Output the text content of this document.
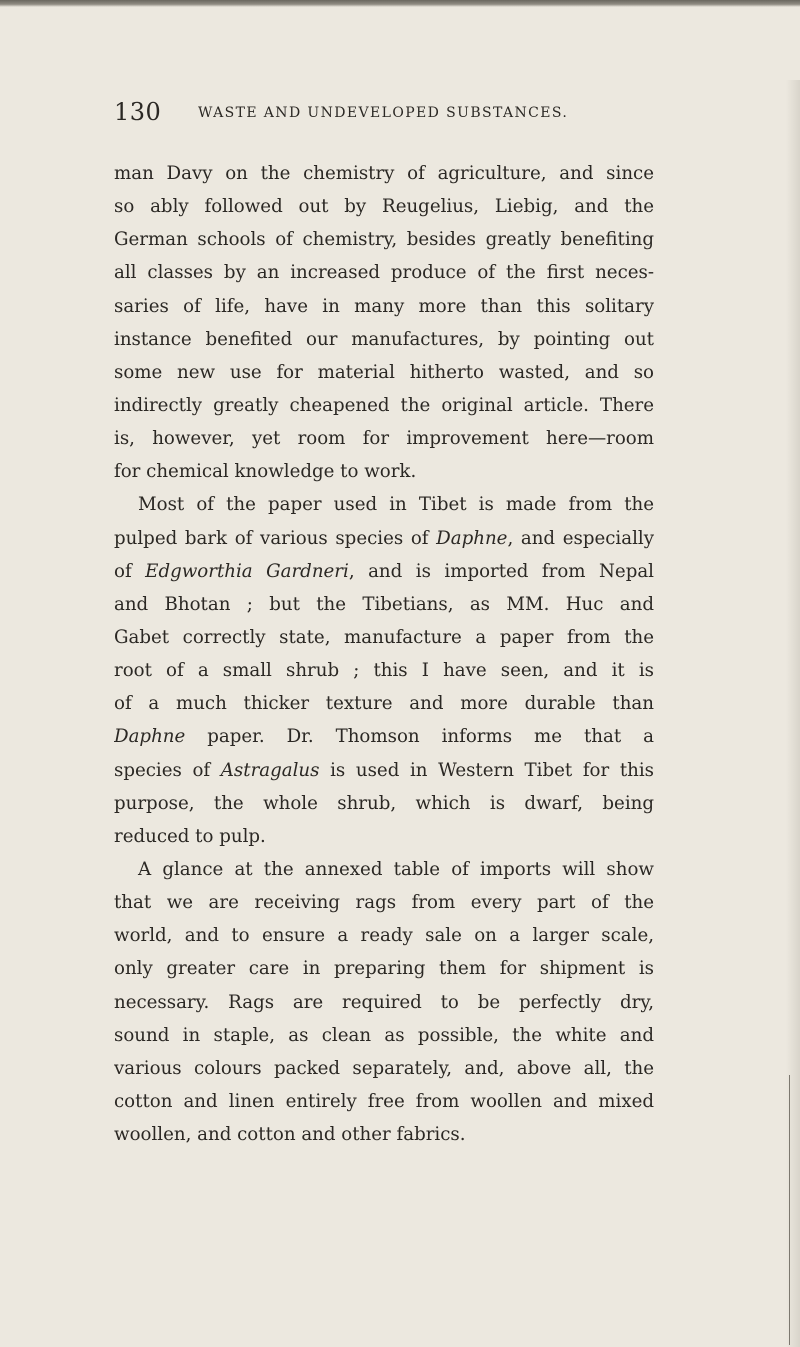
130	WASTE AND UNDEVELOPED SUBSTANCES.
man Davy on the chemistry of agriculture, and since
so ably followed out by Reugelius, Liebig, and the
German schools of chemistry, besides greatly benefiting
all classes by an increased produce of the first neces-
saries of life, have in many more than this solitary
instance benefited our manufactures, by pointing out
some new use for material hitherto wasted, and so
indirectly greatly cheapened the original article. There
is, however, yet room for improvement here—room
for chemical knowledge to work.
Most of the paper used in Tibet is made from the
pulped bark of various species of Daphne, and especially
of Edgworthia Gardneri, and is imported from Nepal
and Bhotan ; but the Tibetians, as MM. Huc and
Gabet correctly state, manufacture a paper from the
root of a small shrub ; this I have seen, and it is
of a much thicker texture and more durable than
Daphne paper. Dr. Thomson informs me that a
species of Astragalus is used in Western Tibet for this
purpose, the whole shrub, which is dwarf, being
reduced to pulp.
A glance at the annexed table of imports will show
that we are receiving rags from every part of the
world, and to ensure a ready sale on a larger scale,
only greater care in preparing them for shipment is
necessary. Rags are required to be perfectly dry,
sound in staple, as clean as possible, the white and
various colours packed separately, and, above all, the
cotton and linen entirely free from woollen and mixed
woollen, and cotton and other fabrics.
